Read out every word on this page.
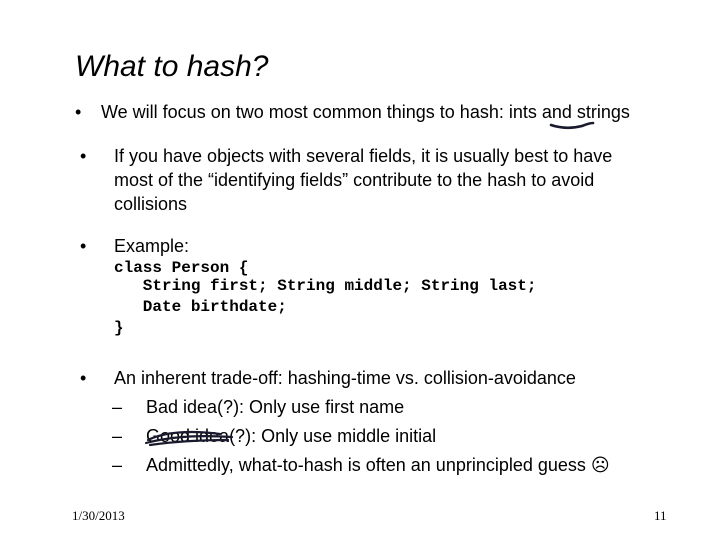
What to hash?
• We will focus on two most common things to hash: ints and strings
• If you have objects with several fields, it is usually best to have
most of the “identifying fields” contribute to the hash to avoid
collisions
• Example:
class Person {
String first; String middle; String last;
Date birthdate;
}
• An inherent trade-off: hashing-time vs. collision-avoidance
– Bad idea(?): Only use first name
– Good idea(?): Only use middle initial
– Admittedly, what-to-hash is often an unprincipled guess ☹
1/30/2013	11
